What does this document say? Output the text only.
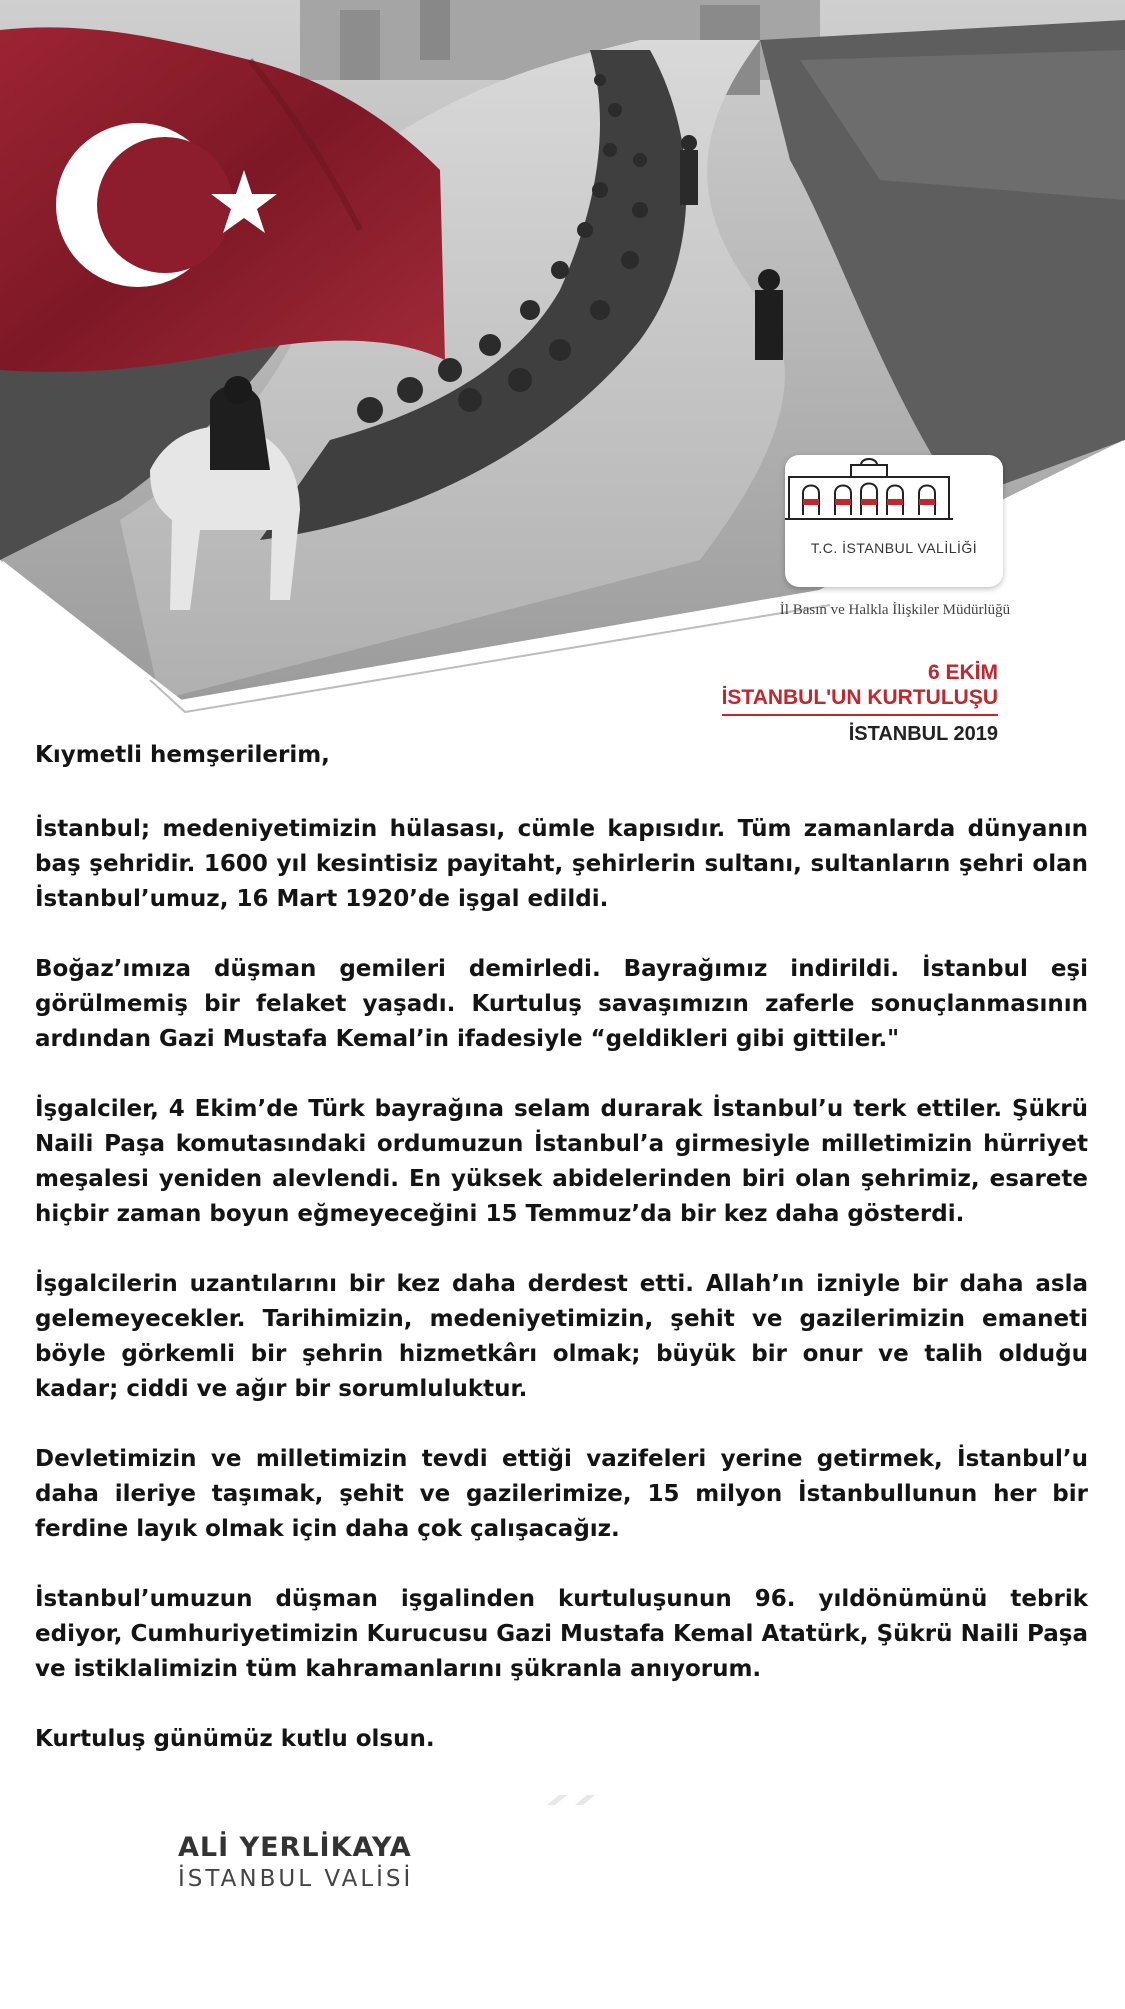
T.C. İSTANBUL VALİLİĞİ
İl Basın ve Halkla İlişkiler Müdürlüğü
6 EKİM
İSTANBUL'UN KURTULUŞU
İSTANBUL 2019

Kıymetli hemşerilerim,

İstanbul; medeniyetimizin hülasası, cümle kapısıdır. Tüm zamanlarda dünyanın baş şehridir. 1600 yıl kesintisiz payitaht, şehirlerin sultanı, sultanların şehri olan İstanbul’umuz, 16 Mart 1920’de işgal edildi.

Boğaz’ımıza düşman gemileri demirledi. Bayrağımız indirildi. İstanbul eşi görülmemiş bir felaket yaşadı. Kurtuluş savaşımızın zaferle sonuçlanmasının ardından Gazi Mustafa Kemal’in ifadesiyle “geldikleri gibi gittiler."

İşgalciler, 4 Ekim’de Türk bayrağına selam durarak İstanbul’u terk ettiler. Şükrü Naili Paşa komutasındaki ordumuzun İstanbul’a girmesiyle milletimizin hürriyet meşalesi yeniden alevlendi. En yüksek abidelerinden biri olan şehrimiz, esarete hiçbir zaman boyun eğmeyeceğini 15 Temmuz’da bir kez daha gösterdi.

İşgalcilerin uzantılarını bir kez daha derdest etti. Allah’ın izniyle bir daha asla gelemeyecekler. Tarihimizin, medeniyetimizin, şehit ve gazilerimizin emaneti böyle görkemli bir şehrin hizmetkârı olmak; büyük bir onur ve talih olduğu kadar; ciddi ve ağır bir sorumluluktur.

Devletimizin ve milletimizin tevdi ettiği vazifeleri yerine getirmek, İstanbul’u daha ileriye taşımak, şehit ve gazilerimize, 15 milyon İstanbullunun her bir ferdine layık olmak için daha çok çalışacağız.

İstanbul’umuzun düşman işgalinden kurtuluşunun 96. yıldönümünü tebrik ediyor, Cumhuriyetimizin Kurucusu Gazi Mustafa Kemal Atatürk, Şükrü Naili Paşa ve istiklalimizin tüm kahramanlarını şükranla anıyorum.

Kurtuluş günümüz kutlu olsun.

ALİ YERLİKAYA
İSTANBUL VALİSİ
